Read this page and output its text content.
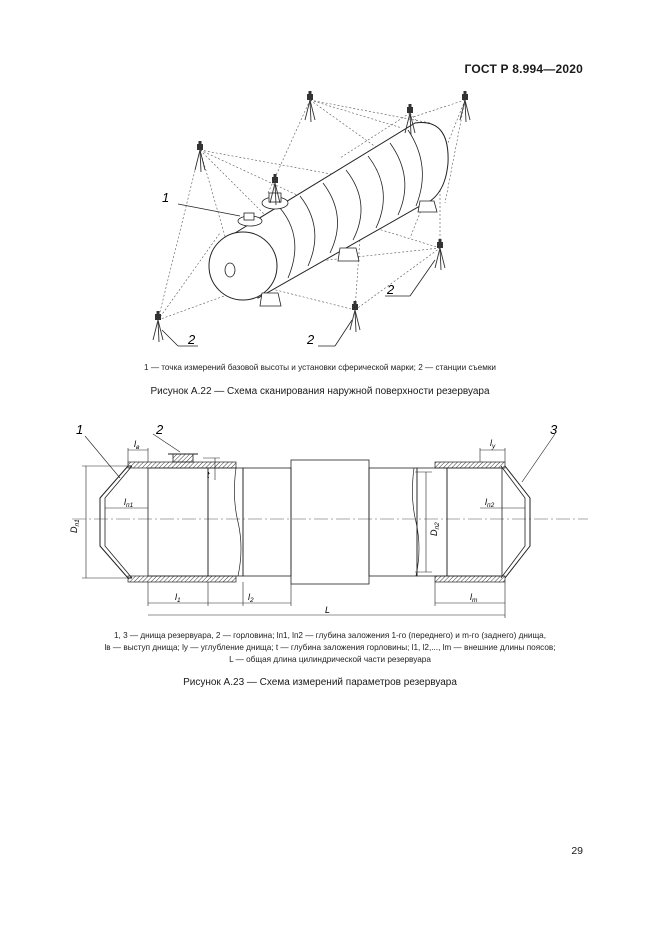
ГОСТ Р 8.994—2020
1
2	2
2
1 — точка измерений базовой высоты и установки сферической марки; 2 — станции съемки
Рисунок А.22 — Схема сканирования наружной поверхности резервуара
$l_в$	$l_у$
t
$D_{п1}$
$D_{п2}$
$l_{п1}$	$l_{п2}$
$l_1$	$l_2$	$l_m$
L
1	2	3
1, 3 — днища резервуара, 2 — горловина; lп1, lп2 — глубина заложения 1-го (переднего) и m-го (заднего) днища,
lв — выступ днища; lу — углубление днища; t — глубина заложения горловины; l1, l2,..., lm — внешние длины поясов;
L — общая длина цилиндрической части резервуара
Рисунок А.23 — Схема измерений параметров резервуара
29
